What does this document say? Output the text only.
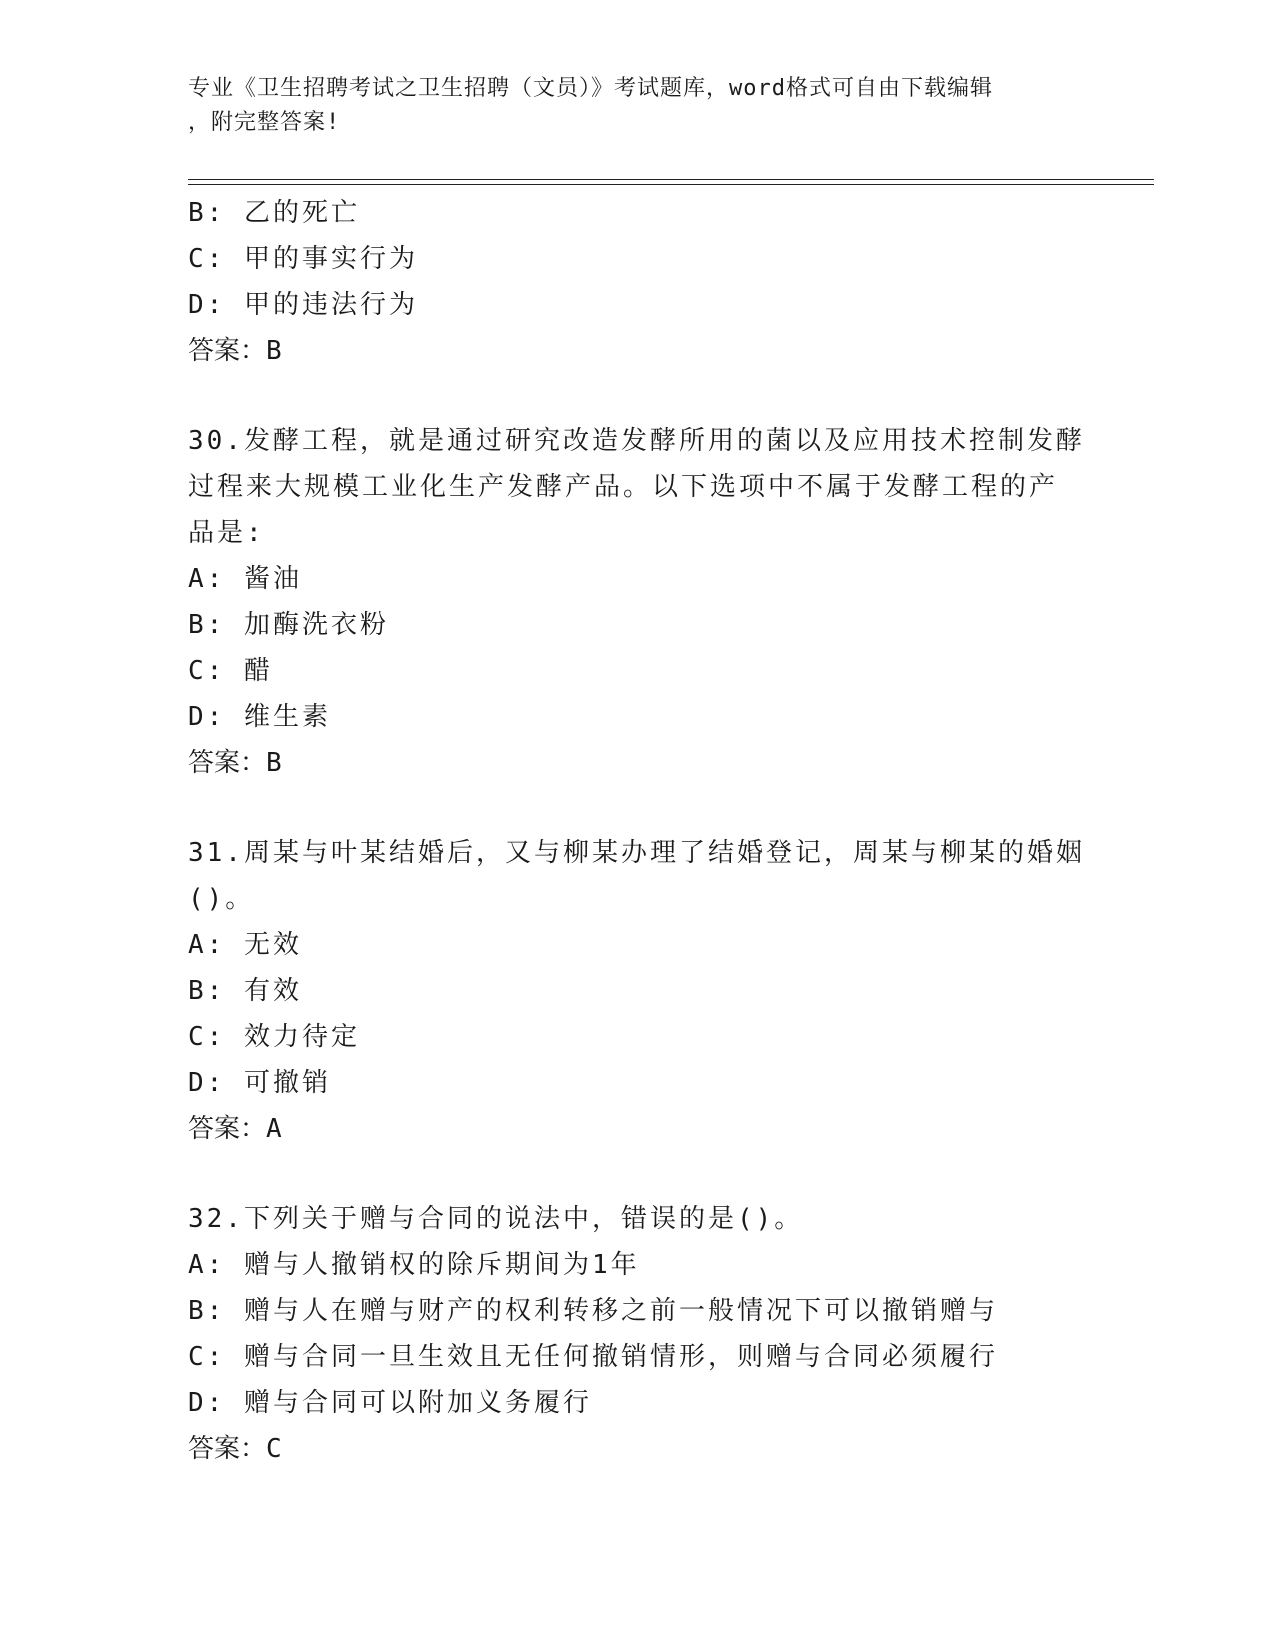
专业《卫生招聘考试之卫生招聘（文员）》考试题库，word格式可自由下载编辑
，附完整答案!
B: 乙的死亡
C: 甲的事实行为
D: 甲的违法行为
答案：B
30.发酵工程，就是通过研究改造发酵所用的菌以及应用技术控制发酵
过程来大规模工业化生产发酵产品。以下选项中不属于发酵工程的产
品是:
A: 酱油
B: 加酶洗衣粉
C: 醋
D: 维生素
答案：B
31.周某与叶某结婚后，又与柳某办理了结婚登记，周某与柳某的婚姻
()。
A: 无效
B: 有效
C: 效力待定
D: 可撤销
答案：A
32.下列关于赠与合同的说法中，错误的是()。
A: 赠与人撤销权的除斥期间为1年
B: 赠与人在赠与财产的权利转移之前一般情况下可以撤销赠与
C: 赠与合同一旦生效且无任何撤销情形，则赠与合同必须履行
D: 赠与合同可以附加义务履行
答案：C
